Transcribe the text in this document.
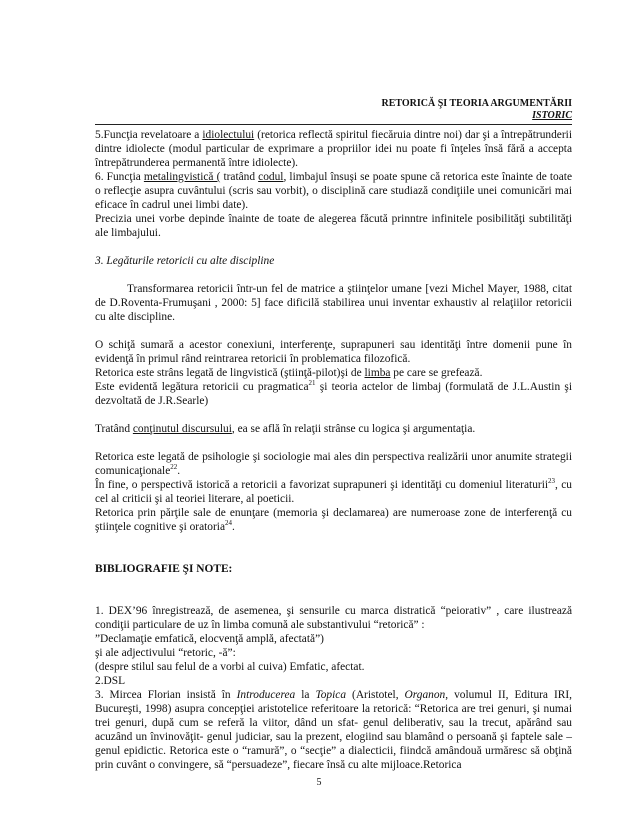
RETORICĂ ŞI TEORIA ARGUMENTĂRII
ISTORIC

5.Funcţia revelatoare a idiolectului (retorica reflectă spiritul fiecăruia dintre noi) dar şi a întrepătrunderii dintre idiolecte (modul particular de exprimare a propriilor idei nu poate fi înţeles însă fără a accepta întrepătrunderea permanentă între idiolecte).

6. Funcţia metalingvistică ( tratând codul, limbajul însuşi se poate spune că retorica este înainte de toate o reflecţie asupra cuvântului (scris sau vorbit), o disciplină care studiază condiţiile unei comunicări mai eficace în cadrul unei limbi date).

Precizia unei vorbe depinde înainte de toate de alegerea făcută prinntre infinitele posibilităţi subtilităţi ale limbajului.

3. Legăturile retoricii cu alte discipline

Transformarea retoricii într-un fel de matrice a ştiinţelor umane [vezi Michel Mayer, 1988, citat de D.Roventa-Frumuşani , 2000: 5] face dificilă stabilirea unui inventar exhaustiv al relaţiilor retoricii cu alte discipline.

O schiţă sumară a acestor conexiuni, interferenţe, suprapuneri sau identităţi între domenii pune în evidenţă în primul rând reintrarea retoricii în problematica filozofică.

Retorica este strâns legată de lingvistică (ştiinţă-pilot)şi de limba pe care se grefează.

Este evidentă legătura retoricii cu pragmatica$^{21}$ şi teoria actelor de limbaj (formulată de J.L.Austin şi dezvoltată de J.R.Searle)

Tratând conţinutul discursului, ea se află în relaţii strânse cu logica şi argumentaţia.

Retorica este legată de psihologie şi sociologie mai ales din perspectiva realizării unor anumite strategii comunicaţionale$^{22}$.

În fine, o perspectivă istorică a retoricii a favorizat suprapuneri şi identităţi cu domeniul literaturii$^{23}$, cu cel al criticii şi al teoriei literare, al poeticii.

Retorica prin părţile sale de enunţare (memoria şi declamarea) are numeroase zone de interferenţă cu ştiinţele cognitive şi oratoria$^{24}$.

BIBLIOGRAFIE ŞI NOTE:

1. DEX’96 înregistrează, de asemenea, şi sensurile cu marca distratică “peiorativ” , care ilustrează condiţii particulare de uz în limba comună ale substantivului “retorică” :

”Declamaţie emfatică, elocvenţă amplă, afectată”)

şi ale adjectivului “retoric, -ă”:

(despre stilul sau felul de a vorbi al cuiva) Emfatic, afectat.

2.DSL

3. Mircea Florian insistă în Introducerea la Topica (Aristotel, Organon, volumul II, Editura IRI, Bucureşti, 1998) asupra concepţiei aristotelice referitoare la retorică: “Retorica are trei genuri, şi numai trei genuri, după cum se referă la viitor, dând un sfat- genul deliberativ, sau la trecut, apărând sau acuzând un învinovăţit- genul judiciar, sau la prezent, elogiind sau blamând o persoană şi faptele sale – genul epidictic. Retorica este o “ramură”, o “secţie” a dialecticii, fiindcă amândouă urmăresc să obţină prin cuvânt o convingere, să “persuadeze”, fiecare însă cu alte mijloace.Retorica

5
